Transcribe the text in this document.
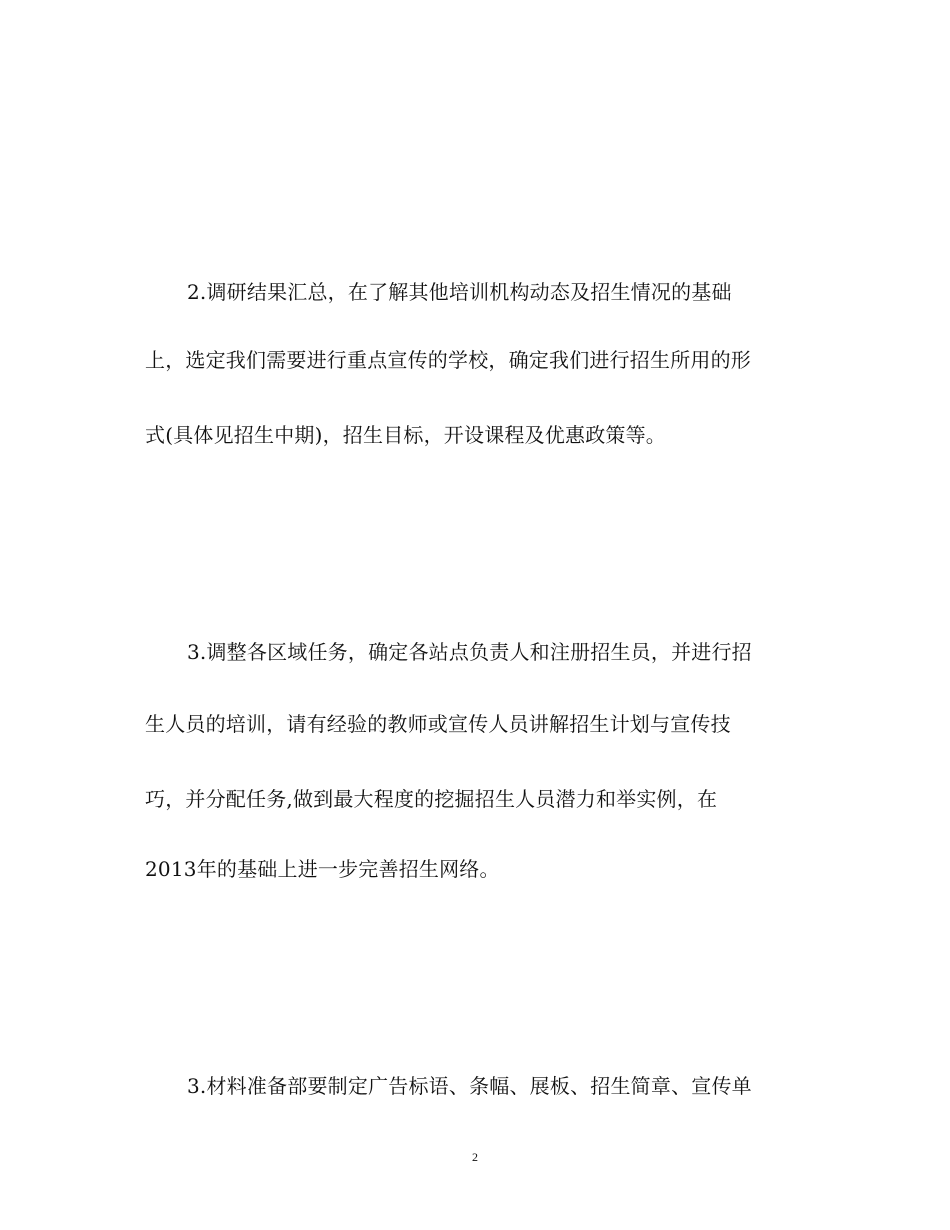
2.调研结果汇总，在了解其他培训机构动态及招生情况的基础
上，选定我们需要进行重点宣传的学校，确定我们进行招生所用的形
式(具体见招生中期)，招生目标，开设课程及优惠政策等。
3.调整各区域任务，确定各站点负责人和注册招生员，并进行招
生人员的培训，请有经验的教师或宣传人员讲解招生计划与宣传技
巧，并分配任务,做到最大程度的挖掘招生人员潜力和举实例，在
2013年的基础上进一步完善招生网络。
3.材料准备部要制定广告标语、条幅、展板、招生简章、宣传单
2
